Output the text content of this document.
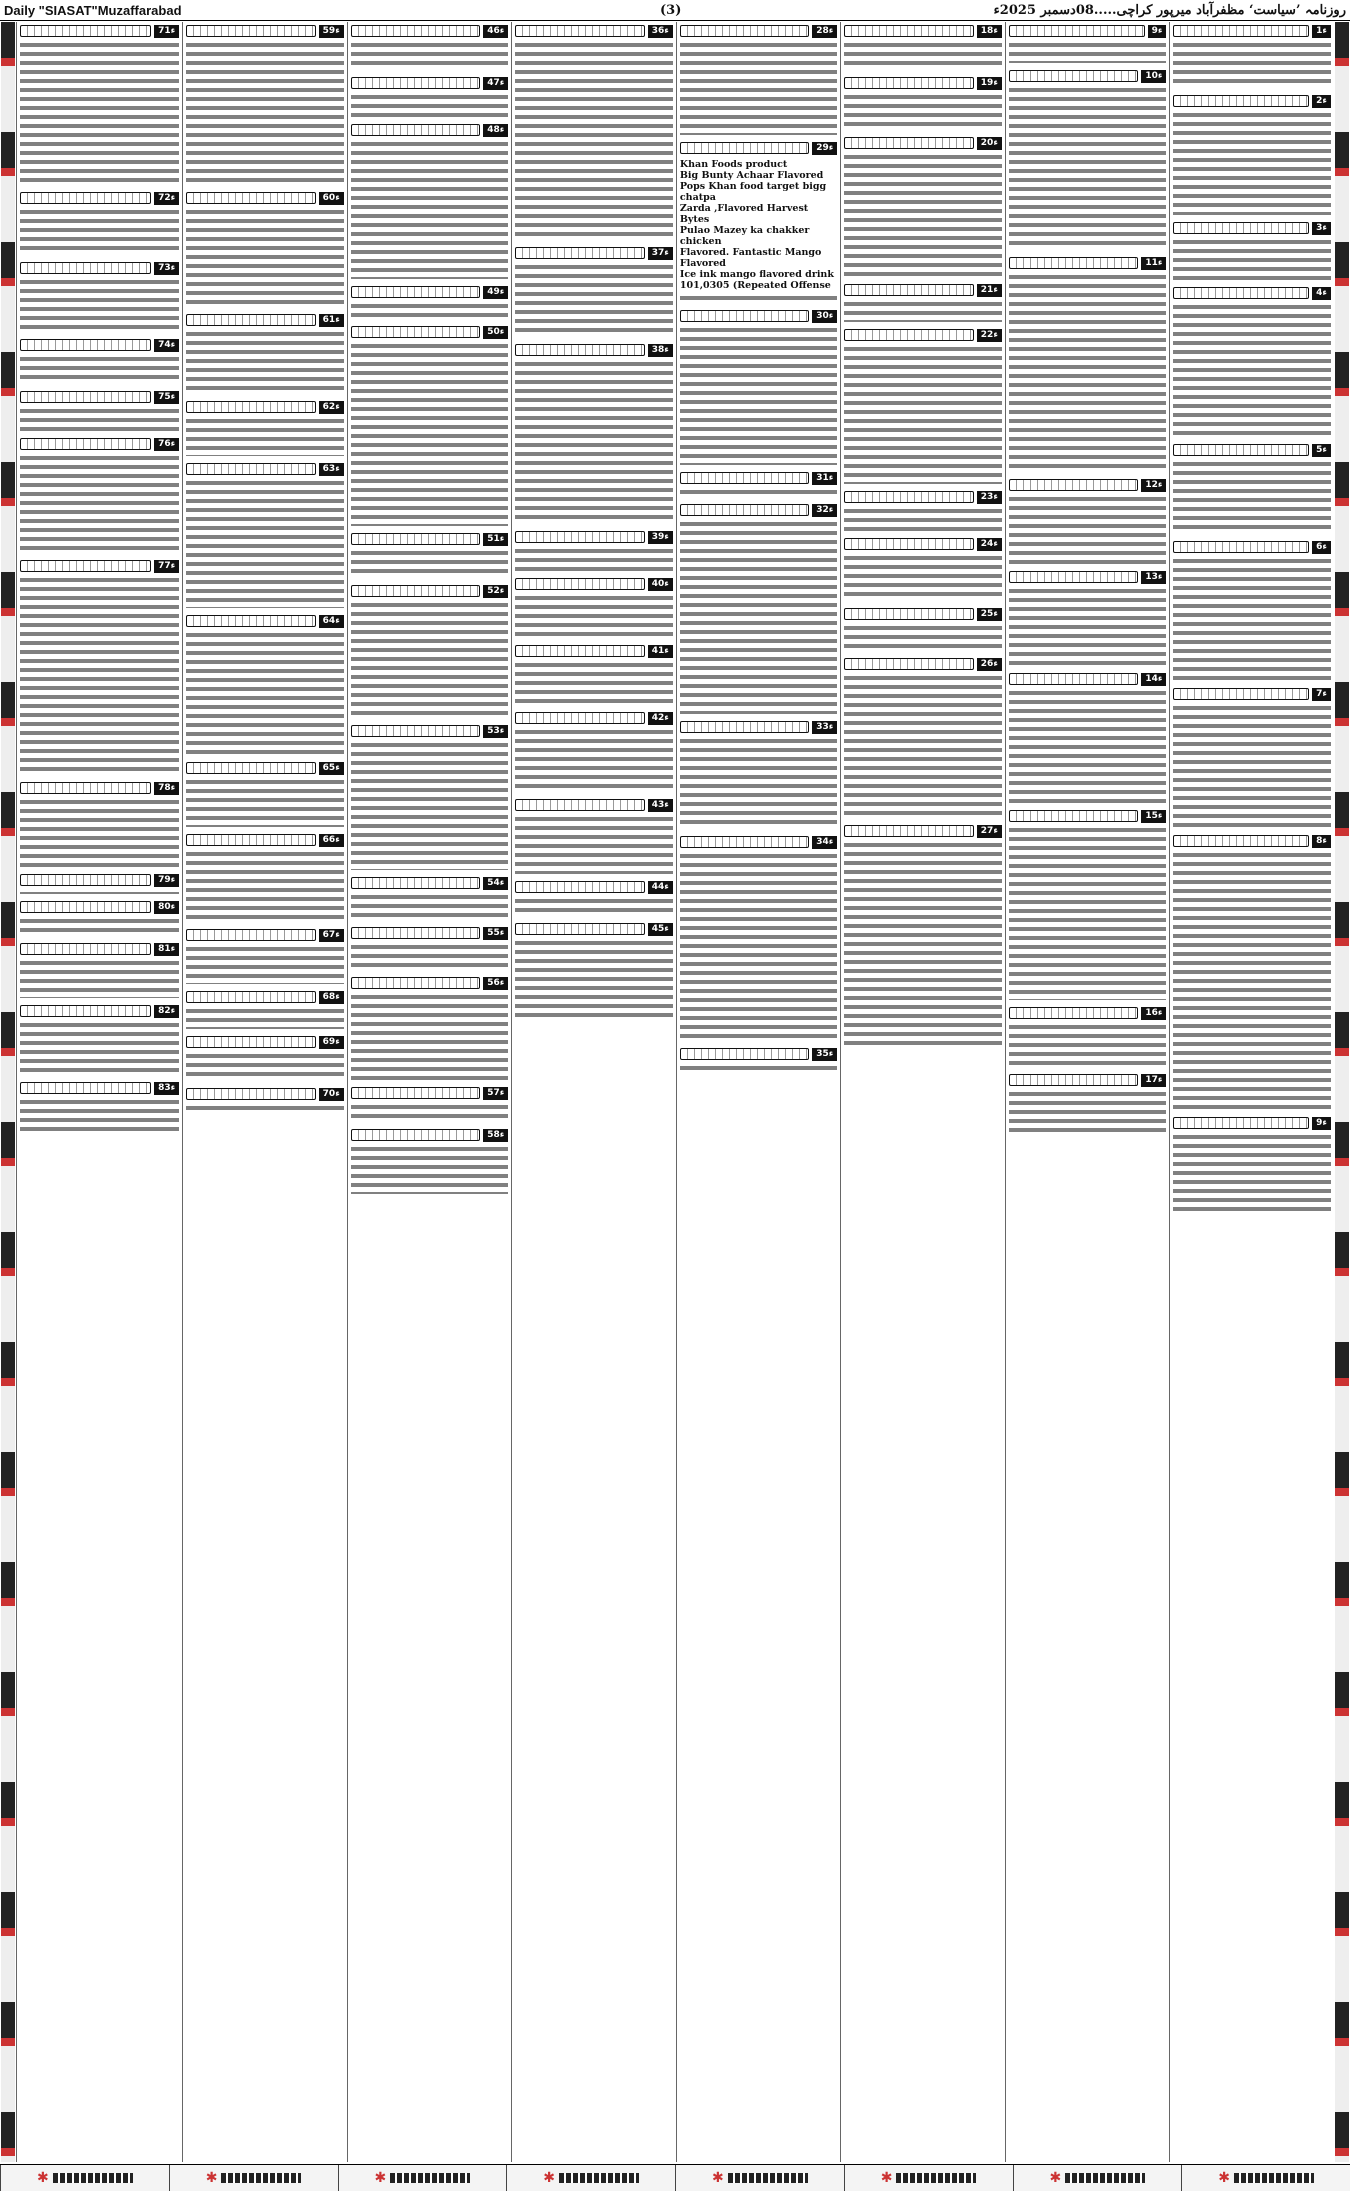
Daily "SIASAT"Muzaffarabad	(3)	روزنامہ ’سیاست‘ مظفرآباد میرپور کراچی.....08دسمبر 2025ء
1ء
2ء
3ء
4ء
5ء
6ء
7ء
8ء
9ء
9ء
10ء
11ء
12ء
13ء
14ء
15ء
16ء
17ء
18ء
19ء
20ء
21ء
22ء
23ء
24ء
25ء
26ء
27ء
28ء
29ء
Khan Foods product
Big Bunty Achaar Flavored
Pops Khan food target bigg chatpa
Zarda ,Flavored Harvest Bytes
Pulao Mazey ka chakker chicken
Flavored. Fantastic Mango Flavored
Ice ink mango flavored drink
101,0305 (Repeated Offense
30ء
31ء
32ء
33ء
34ء
35ء
36ء
37ء
38ء
39ء
40ء
41ء
42ء
43ء
44ء
45ء
46ء
47ء
48ء
49ء
50ء
51ء
52ء
53ء
54ء
55ء
56ء
57ء
58ء
59ء
60ء
61ء
62ء
63ء
64ء
65ء
66ء
67ء
68ء
69ء
70ء
71ء
72ء
73ء
74ء
75ء
76ء
77ء
78ء
79ء
80ء
81ء
82ء
83ء
✱
✱
✱
✱
✱
✱
✱
✱
